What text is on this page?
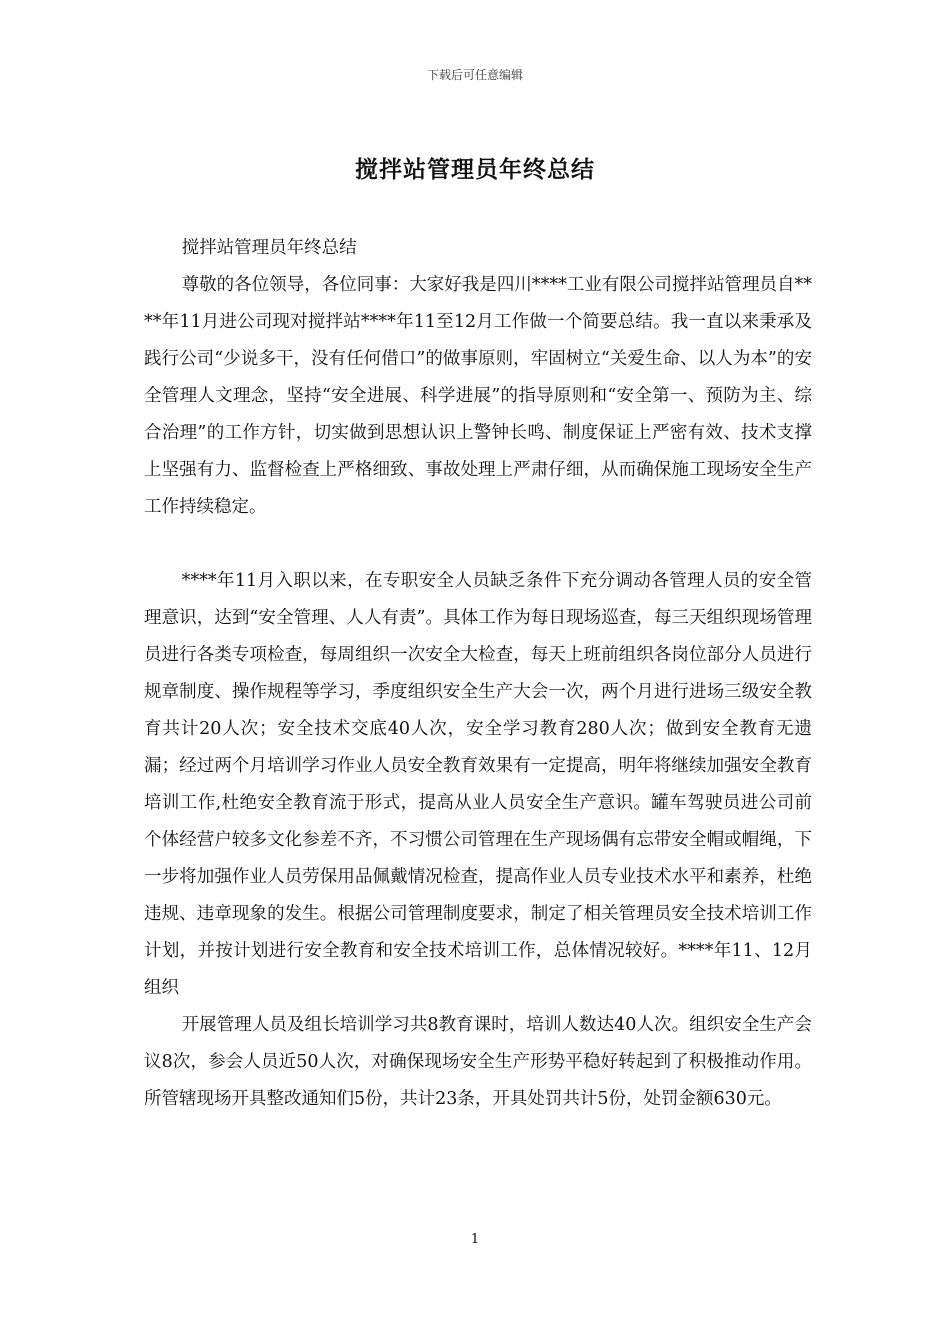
下载后可任意编辑
搅拌站管理员年终总结

搅拌站管理员年终总结

尊敬的各位领导，各位同事：大家好我是四川****工业有限公司搅拌站管理员自****年11月进公司现对搅拌站****年11至12月工作做一个简要总结。我一直以来秉承及践行公司“少说多干，没有任何借口”的做事原则，牢固树立“关爱生命、以人为本”的安全管理人文理念，坚持“安全进展、科学进展”的指导原则和“安全第一、预防为主、综合治理”的工作方针，切实做到思想认识上警钟长鸣、制度保证上严密有效、技术支撑上坚强有力、监督检查上严格细致、事故处理上严肃仔细，从而确保施工现场安全生产工作持续稳定。

****年11月入职以来，在专职安全人员缺乏条件下充分调动各管理人员的安全管理意识，达到“安全管理、人人有责”。具体工作为每日现场巡查，每三天组织现场管理员进行各类专项检查，每周组织一次安全大检查，每天上班前组织各岗位部分人员进行规章制度、操作规程等学习，季度组织安全生产大会一次，两个月进行进场三级安全教育共计20人次；安全技术交底40人次，安全学习教育280人次；做到安全教育无遗漏；经过两个月培训学习作业人员安全教育效果有一定提高，明年将继续加强安全教育培训工作,杜绝安全教育流于形式，提高从业人员安全生产意识。罐车驾驶员进公司前个体经营户较多文化参差不齐，不习惯公司管理在生产现场偶有忘带安全帽或帽绳，下一步将加强作业人员劳保用品佩戴情况检查，提高作业人员专业技术水平和素养，杜绝违规、违章现象的发生。根据公司管理制度要求，制定了相关管理员安全技术培训工作计划，并按计划进行安全教育和安全技术培训工作，总体情况较好。****年11、12月组织

开展管理人员及组长培训学习共8教育课时，培训人数达40人次。组织安全生产会议8次，参会人员近50人次，对确保现场安全生产形势平稳好转起到了积极推动作用。所管辖现场开具整改通知们5份，共计23条，开具处罚共计5份，处罚金额630元。

1
